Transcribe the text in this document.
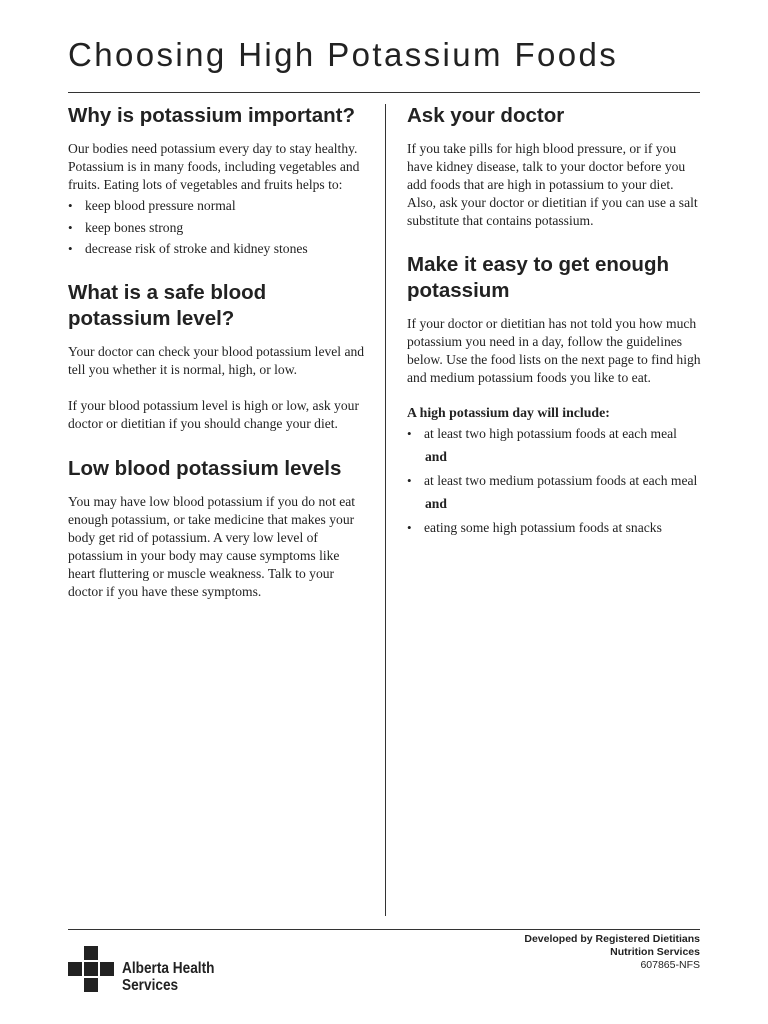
Choosing High Potassium Foods
Why is potassium important?

Our bodies need potassium every day to stay healthy. Potassium is in many foods, including vegetables and fruits. Eating lots of vegetables and fruits helps to:

• keep blood pressure normal
• keep bones strong
• decrease risk of stroke and kidney stones
What is a safe blood potassium level?

Your doctor can check your blood potassium level and tell you whether it is normal, high, or low.

If your blood potassium level is high or low, ask your doctor or dietitian if you should change your diet.

Low blood potassium levels

You may have low blood potassium if you do not eat enough potassium, or take medicine that makes your body get rid of potassium. A very low level of potassium in your body may cause symptoms like heart fluttering or muscle weakness. Talk to your doctor if you have these symptoms.

Ask your doctor

If you take pills for high blood pressure, or if you have kidney disease, talk to your doctor before you add foods that are high in potassium to your diet. Also, ask your doctor or dietitian if you can use a salt substitute that contains potassium.

Make it easy to get enough potassium

If your doctor or dietitian has not told you how much potassium you need in a day, follow the guidelines below. Use the food lists on the next page to find high and medium potassium foods you like to eat.

A high potassium day will include:
• at least two high potassium foods at each meal
and
• at least two medium potassium foods at each meal
and
• eating some high potassium foods at snacks
Alberta Health
Services
Developed by Registered Dietitians
Nutrition Services
607865-NFS
